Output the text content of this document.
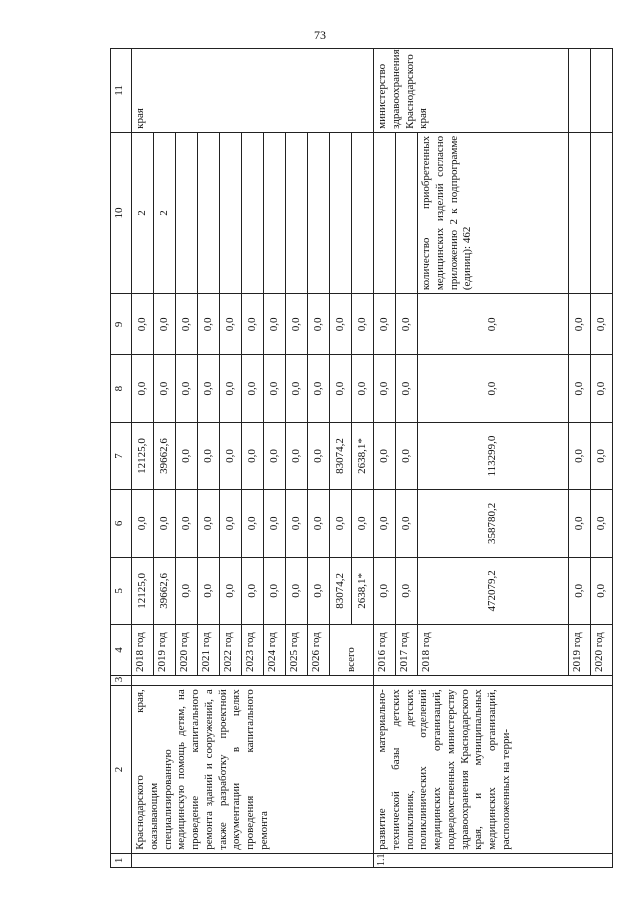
73
1	2	3	4	5	6	7	8	9	10	11
	Краснодарского края, оказывающим специализированную медицинскую помощь детям, на проведение капитального ремонта зданий и сооружений, а также разработку проектной документации в целях проведения капитального ремонта		2018 год	12125,0	0,0	12125,0	0,0	0,0	2	края
			2019 год	39662,6	0,0	39662,6	0,0	0,0	2	
			2020 год	0,0	0,0	0,0	0,0	0,0		
			2021 год	0,0	0,0	0,0	0,0	0,0		
			2022 год	0,0	0,0	0,0	0,0	0,0		
			2023 год	0,0	0,0	0,0	0,0	0,0		
			2024 год	0,0	0,0	0,0	0,0	0,0		
			2025 год	0,0	0,0	0,0	0,0	0,0		
			2026 год	0,0	0,0	0,0	0,0	0,0		
			всего	83074,2	0,0	83074,2	0,0	0,0		
				2638,1*	0,0	2638,1*	0,0	0,0		
	развитие материально-технической базы детских поликлиник, детских поликлинических отделений медицинских организаций, подведомственных министерству здравоохранения Краснодарского края, и муниципальных медицинских организаций, расположенных на терри-		2016 год	0,0	0,0	0,0	0,0	0,0		министерство здравоохранения Краснодарского края
			2017 год	0,0	0,0	0,0	0,0	0,0		
			2018 год	472079,2	358780,2	113299,0	0,0	0,0	количество приобретенных медицинских изделий согласно приложению 2 к подпрограмме (единиц): 462	
			2019 год	0,0	0,0	0,0	0,0	0,0		
			2020 год	0,0	0,0	0,0	0,0	0,0		
